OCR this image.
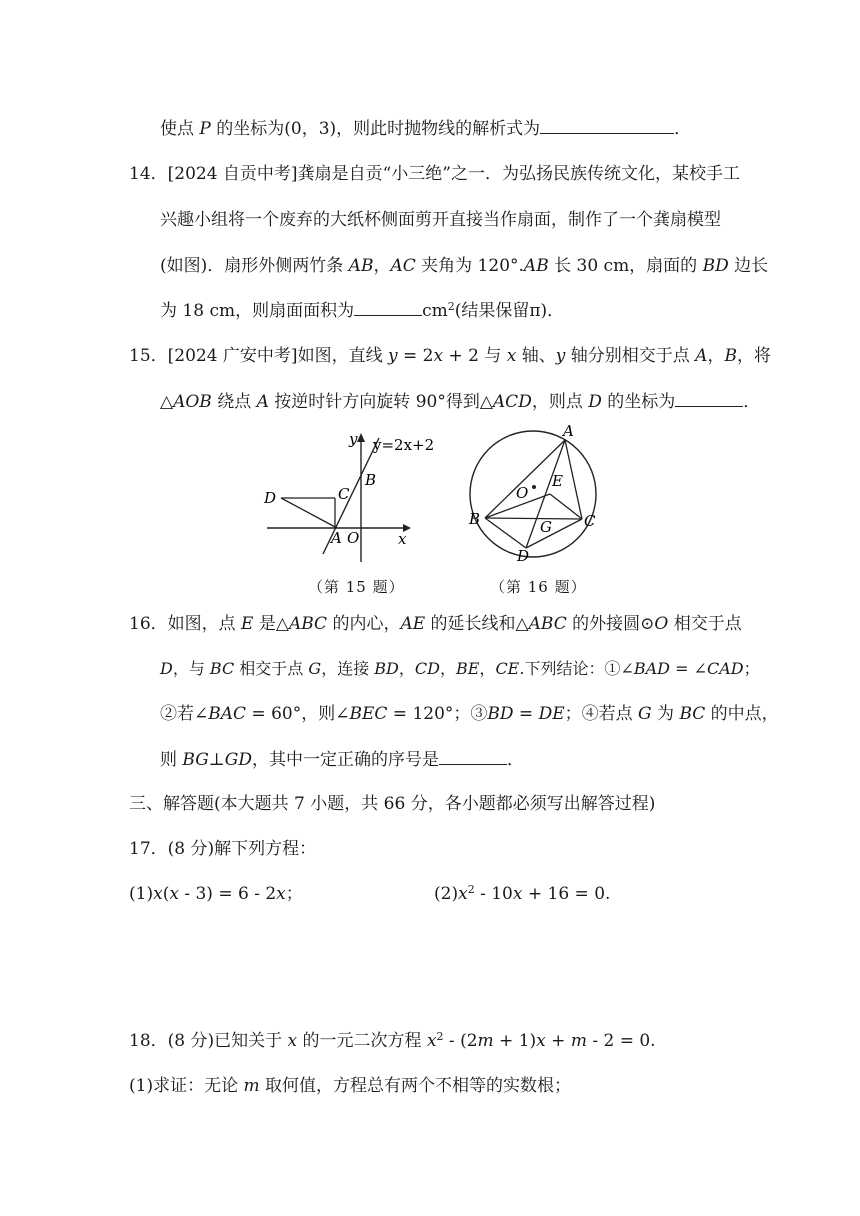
使点 P 的坐标为(0，3)，则此时抛物线的解析式为	．
14．[2024 自贡中考]龚扇是自贡“小三绝”之一．为弘扬民族传统文化，某校手工
兴趣小组将一个废弃的大纸杯侧面剪开直接当作扇面，制作了一个龚扇模型
(如图)．扇形外侧两竹条 AB，AC 夹角为 120°.AB 长 30 cm，扇面的 BD 边长
为 18 cm，则扇面面积为	$cm^2$(结果保留π)．
15．[2024 广安中考]如图，直线 y = 2x + 2 与 x 轴、y 轴分别相交于点 A，B，将
△AOB 绕点 A 按逆时针方向旋转 90°得到△ACD，则点 D 的坐标为	．
y y=2x+2
B
C
D
A O	x
（第 15 题）
A
O
E
B	C
G
D
（第 16 题）
16．如图，点 E 是△ABC 的内心，AE 的延长线和△ABC 的外接圆⊙O 相交于点
D，与 BC 相交于点 G，连接 BD，CD，BE，CE.下列结论：①∠BAD = ∠CAD；
②若∠BAC = 60°，则∠BEC = 120°；③BD = DE；④若点 G 为 BC 的中点，
则 BG⊥GD，其中一定正确的序号是	．
三、解答题(本大题共 7 小题，共 66 分，各小题都必须写出解答过程)
17．(8 分)解下列方程：
(1)x(x - 3) = 6 - 2x；	$(2)x^2 - 10x + 16 = 0$.
18．(8 分)已知关于 x 的一元二次方程 $x^2 - (2m + 1)x + m - 2 = 0$.
(1)求证：无论 m 取何值，方程总有两个不相等的实数根；
